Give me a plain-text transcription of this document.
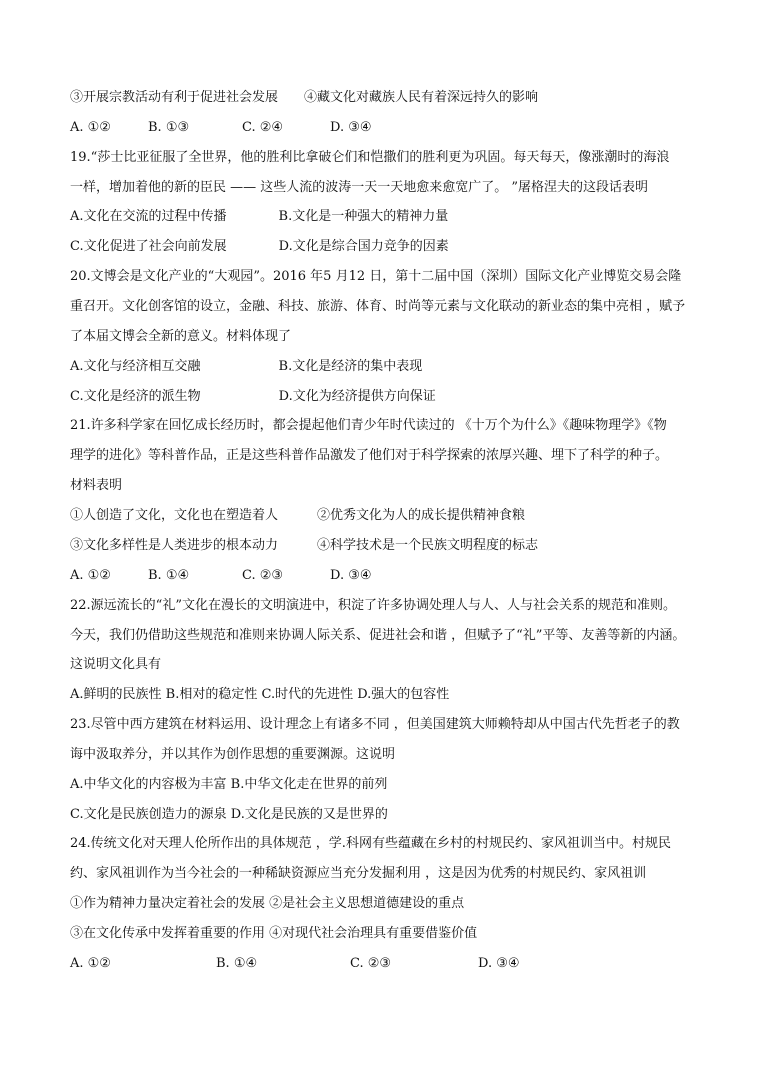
③开展宗教活动有利于促进社会发展　　④藏文化对藏族人民有着深远持久的影响
A. ①②	B. ①③	C. ②④	D. ③④
19.“莎士比亚征服了全世界，他的胜利比拿破仑们和恺撒们的胜利更为巩固。每天每天，像涨潮时的海浪
一样，增加着他的新的臣民 —— 这些人流的波涛一天一天地愈来愈宽广了。 ”屠格涅夫的这段话表明
A.文化在交流的过程中传播　　　　B.文化是一种强大的精神力量
C.文化促进了社会向前发展　　　　D.文化是综合国力竞争的因素
20.文博会是文化产业的“大观园”。2016 年5 月12 日，第十二届中国（深圳）国际文化产业博览交易会隆
重召开。文化创客馆的设立，金融、科技、旅游、体育、时尚等元素与文化联动的新业态的集中亮相 ，赋予
了本届文博会全新的意义。材料体现了
A.文化与经济相互交融　　　　　　B.文化是经济的集中表现
C.文化是经济的派生物　　　　　　D.文化为经济提供方向保证
21.许多科学家在回忆成长经历时，都会提起他们青少年时代读过的 《十万个为什么》《趣味物理学》《物
理学的进化》等科普作品，正是这些科普作品激发了他们对于科学探索的浓厚兴趣、埋下了科学的种子。
材料表明
①人创造了文化，文化也在塑造着人　　　②优秀文化为人的成长提供精神食粮
③文化多样性是人类进步的根本动力　　　④科学技术是一个民族文明程度的标志
A. ①②	B. ①④	C. ②③	D. ③④
22.源远流长的“礼”文化在漫长的文明演进中，积淀了许多协调处理人与人、人与社会关系的规范和准则。
今天，我们仍借助这些规范和准则来协调人际关系、促进社会和谐 ，但赋予了“礼”平等、友善等新的内涵。
这说明文化具有
A.鲜明的民族性 B.相对的稳定性 C.时代的先进性 D.强大的包容性
23.尽管中西方建筑在材料运用、设计理念上有诸多不同 ，但美国建筑大师赖特却从中国古代先哲老子的教
诲中汲取养分，并以其作为创作思想的重要渊源。这说明
A.中华文化的内容极为丰富 B.中华文化走在世界的前列
C.文化是民族创造力的源泉 D.文化是民族的又是世界的
24.传统文化对天理人伦所作出的具体规范 ，学.科网有些蕴藏在乡村的村规民约、家风祖训当中。村规民
约、家风祖训作为当今社会的一种稀缺资源应当充分发掘利用 ，这是因为优秀的村规民约、家风祖训
①作为精神力量决定着社会的发展 ②是社会主义思想道德建设的重点
③在文化传承中发挥着重要的作用 ④对现代社会治理具有重要借鉴价值
A. ①②	B. ①④	C. ②③	D. ③④
